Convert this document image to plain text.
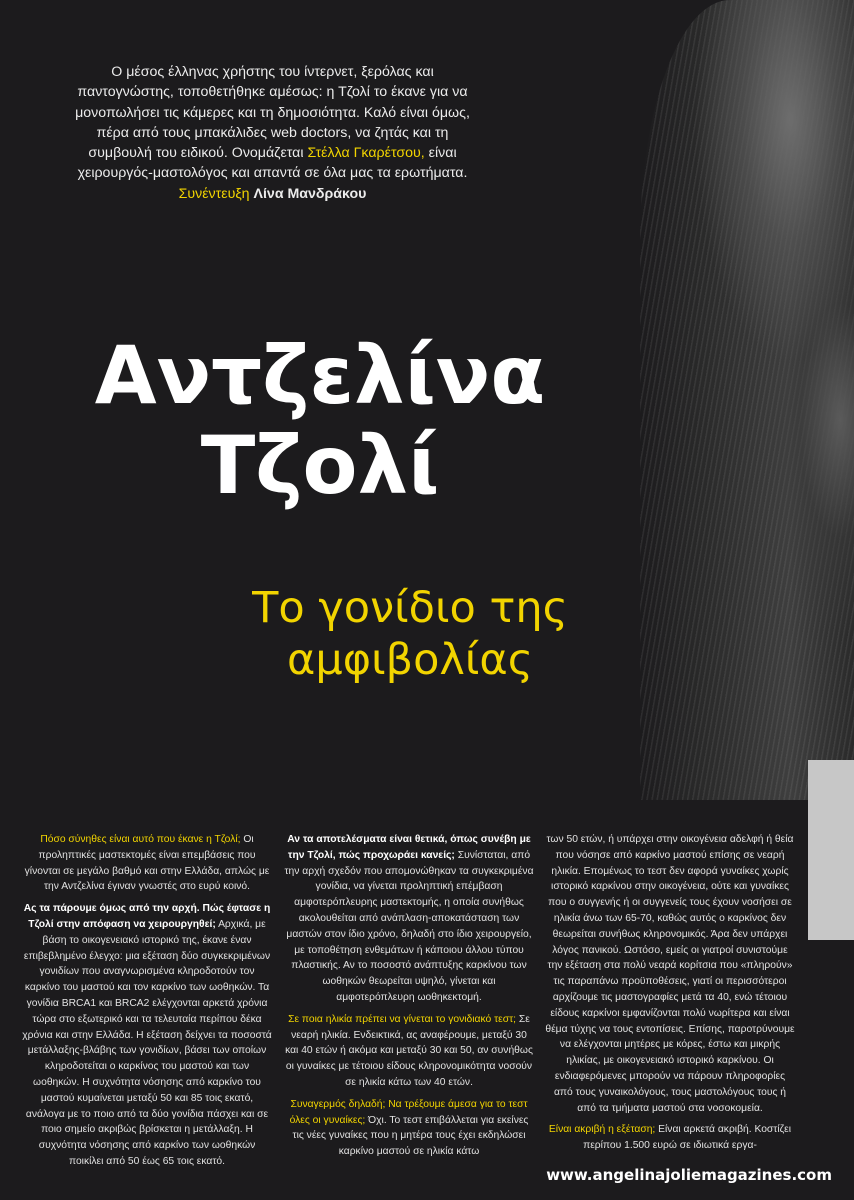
Ο μέσος έλληνας χρήστης του ίντερνετ, ξερόλας και παντογνώστης, τοποθετήθηκε αμέσως: η Τζολί το έκανε για να μονοπωλήσει τις κάμερες και τη δημοσιότητα. Καλό είναι όμως, πέρα από τους μπακάλιδες web doctors, να ζητάς και τη συμβουλή του ειδικού. Ονομάζεται Στέλλα Γκαρέτσου, είναι χειρουργός-μαστολόγος και απαντά σε όλα μας τα ερωτήματα. Συνέντευξη Λίνα Μανδράκου
Αντζελίνα
Τζολί
Το γονίδιο της
αμφιβολίας

Πόσο σύνηθες είναι αυτό που έκανε η Τζολί; Οι προληπτικές μαστεκτομές είναι επεμβάσεις που γίνονται σε μεγάλο βαθμό και στην Ελλάδα, απλώς με την Αντζελίνα έγιναν γνωστές στο ευρύ κοινό.

Ας τα πάρουμε όμως από την αρχή. Πώς έφτασε η Τζολί στην απόφαση να χειρουργηθεί; Αρχικά, με βάση το οικογενειακό ιστορικό της, έκανε έναν επιβεβλημένο έλεγχο: μια εξέταση δύο συγκεκριμένων γονιδίων που αναγνωρισμένα κληροδοτούν τον καρκίνο του μαστού και τον καρκίνο των ωοθηκών. Τα γονίδια BRCA1 και BRCA2 ελέγχονται αρκετά χρόνια τώρα στο εξωτερικό και τα τελευταία περίπου δέκα χρόνια και στην Ελλάδα. Η εξέταση δείχνει τα ποσοστά μετάλλαξης-βλάβης των γονιδίων, βάσει των οποίων κληροδοτείται ο καρκίνος του μαστού και των ωοθηκών. Η συχνότητα νόσησης από καρκίνο του μαστού κυμαίνεται μεταξύ 50 και 85 τοις εκατό, ανάλογα με το ποιο από τα δύο γονίδια πάσχει και σε ποιο σημείο ακριβώς βρίσκεται η μετάλλαξη. Η συχνότητα νόσησης από καρκίνο των ωοθηκών ποικίλει από 50 έως 65 τοις εκατό.

Αν τα αποτελέσματα είναι θετικά, όπως συνέβη με την Τζολί, πώς προχωράει κανείς; Συνίσταται, από την αρχή σχεδόν που απομονώθηκαν τα συγκεκριμένα γονίδια, να γίνεται προληπτική επέμβαση αμφοτερόπλευρης μαστεκτομής, η οποία συνήθως ακολουθείται από ανάπλαση-αποκατάσταση των μαστών στον ίδιο χρόνο, δηλαδή στο ίδιο χειρουργείο, με τοποθέτηση ενθεμάτων ή κάποιου άλλου τύπου πλαστικής. Αν το ποσοστό ανάπτυξης καρκίνου των ωοθηκών θεωρείται υψηλό, γίνεται και αμφοτερόπλευρη ωοθηκεκτομή.

Σε ποια ηλικία πρέπει να γίνεται το γονιδιακό τεστ; Σε νεαρή ηλικία. Ενδεικτικά, ας αναφέρουμε, μεταξύ 30 και 40 ετών ή ακόμα και μεταξύ 30 και 50, αν συνήθως οι γυναίκες με τέτοιου είδους κληρονομικότητα νοσούν σε ηλικία κάτω των 40 ετών.

Συναγερμός δηλαδή; Να τρέξουμε άμεσα για το τεστ όλες οι γυναίκες; Όχι. Το τεστ επιβάλλεται για εκείνες τις νέες γυναίκες που η μητέρα τους έχει εκδηλώσει καρκίνο μαστού σε ηλικία κάτω

των 50 ετών, ή υπάρχει στην οικογένεια αδελφή ή θεία που νόσησε από καρκίνο μαστού επίσης σε νεαρή ηλικία. Επομένως το τεστ δεν αφορά γυναίκες χωρίς ιστορικό καρκίνου στην οικογένεια, ούτε και γυναίκες που ο συγγενής ή οι συγγενείς τους έχουν νοσήσει σε ηλικία άνω των 65-70, καθώς αυτός ο καρκίνος δεν θεωρείται συνήθως κληρονομικός. Άρα δεν υπάρχει λόγος πανικού. Ωστόσο, εμείς οι γιατροί συνιστούμε την εξέταση στα πολύ νεαρά κορίτσια που «πληρούν» τις παραπάνω προϋποθέσεις, γιατί οι περισσότεροι αρχίζουμε τις μαστογραφίες μετά τα 40, ενώ τέτοιου είδους καρκίνοι εμφανίζονται πολύ νωρίτερα και είναι θέμα τύχης να τους εντοπίσεις. Επίσης, παροτρύνουμε να ελέγχονται μητέρες με κόρες, έστω και μικρής ηλικίας, με οικογενειακό ιστορικό καρκίνου. Οι ενδιαφερόμενες μπορούν να πάρουν πληροφορίες από τους γυναικολόγους, τους μαστολόγους τους ή από τα τμήματα μαστού στα νοσοκομεία.

Είναι ακριβή η εξέταση; Είναι αρκετά ακριβή. Κοστίζει περίπου 1.500 ευρώ σε ιδιωτικά εργα-

www.angelinajoliemagazines.com
